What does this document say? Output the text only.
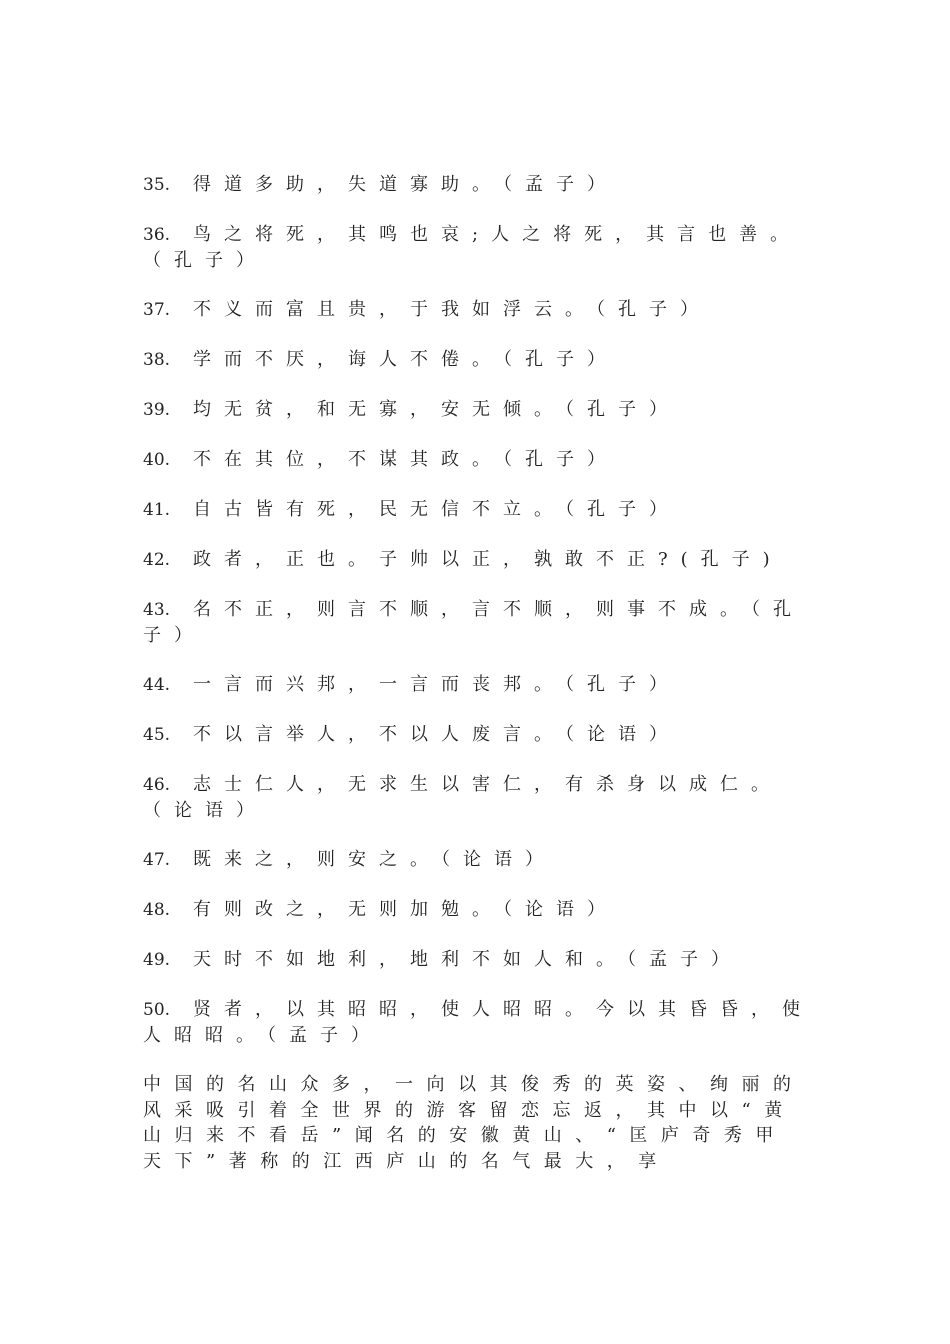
35. 得道多助，失道寡助。（孟子）

36. 鸟之将死，其鸣也哀;人之将死，其言也善。（孔子）

37. 不义而富且贵，于我如浮云。（孔子）

38. 学而不厌，诲人不倦。（孔子）

39. 均无贫，和无寡，安无倾。（孔子）

40. 不在其位，不谋其政。（孔子）

41. 自古皆有死，民无信不立。（孔子）

42. 政者，正也。子帅以正，孰敢不正?(孔子)

43. 名不正，则言不顺，言不顺，则事不成。（孔子）

44. 一言而兴邦，一言而丧邦。（孔子）

45. 不以言举人，不以人废言。（论语）

46. 志士仁人，无求生以害仁，有杀身以成仁。（论语）

47. 既来之，则安之。（论语）

48. 有则改之，无则加勉。（论语）

49. 天时不如地利，地利不如人和。（孟子）

50. 贤者，以其昭昭，使人昭昭。今以其昏昏，使人昭昭。（孟子）

中国的名山众多，一向以其俊秀的英姿、绚丽的风采吸引着全世界的游客留恋忘返，其中以“黄山归来不看岳”闻名的安徽黄山、“匡庐奇秀甲天下”著称的江西庐山的名气最大，享
